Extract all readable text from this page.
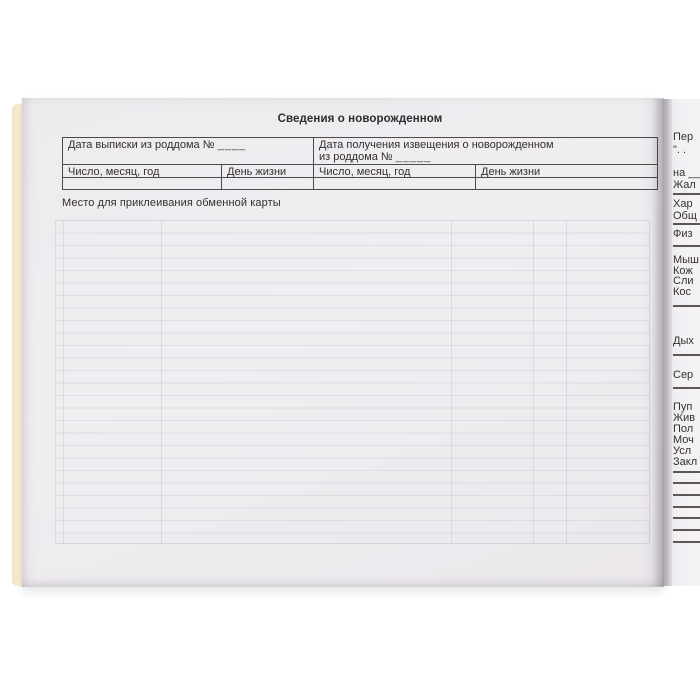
Сведения о новорожденном
Дата выписки из роддома № ____	Дата получения извещения о новорожденном
из роддома № _____
Число, месяц, год	День жизни	Число, месяц, год	День жизни
Место для приклеивания обменной карты
Пер
". .
на __
Жал
Хар
Общ
Физ
Мыш
Кож
Сли
Кос
Дых
Сер
Пуп
Жив
Пол
Моч
Усл
Закл
